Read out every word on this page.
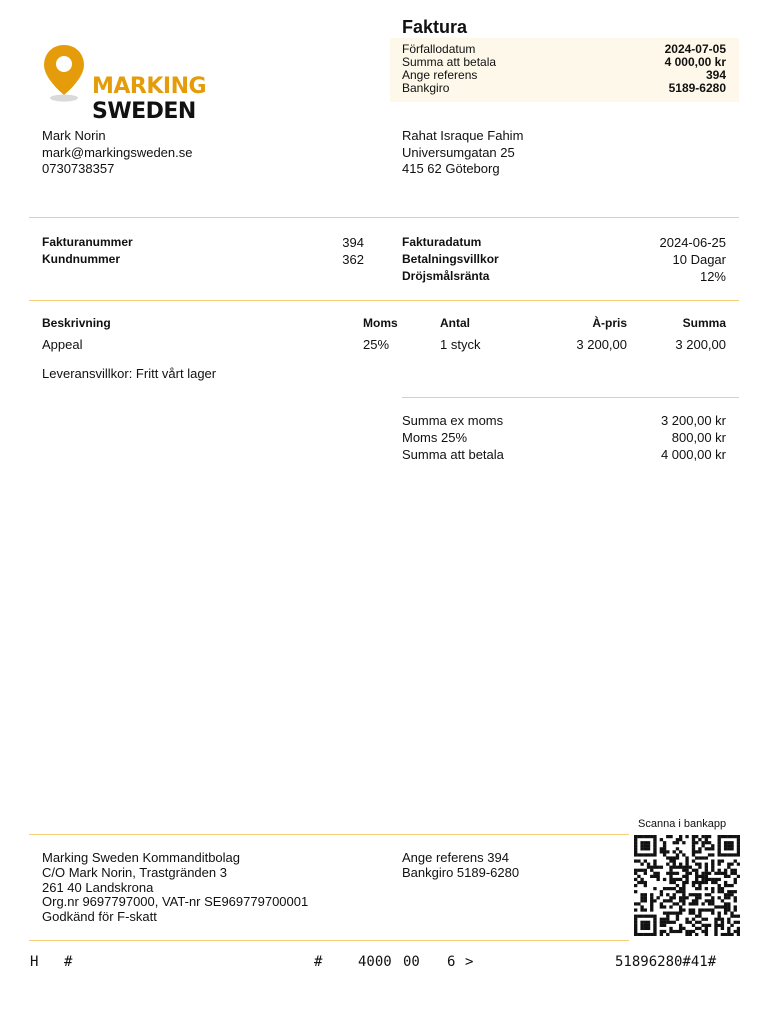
MARKING SWEDEN
Faktura
Förfallodatum	2024-07-05
Summa att betala	4 000,00 kr
Ange referens	394
Bankgiro	5189-6280
Mark Norin
mark@markingsweden.se
0730738357
Rahat Israque Fahim
Universumgatan 25
415 62 Göteborg
Fakturanummer	394
Kundnummer	362
Fakturadatum	2024-06-25
Betalningsvillkor	10 Dagar
Dröjsmålsränta	12%
Beskrivning	Moms	Antal	À-pris	Summa
Appeal	25%	1 styck	3 200,00	3 200,00
Leveransvillkor: Fritt vårt lager
Summa ex moms	3 200,00 kr
Moms 25%	800,00 kr
Summa att betala	4 000,00 kr
Scanna i bankapp
Marking Sweden Kommanditbolag
C/O Mark Norin, Trastgränden 3
261 40 Landskrona
Org.nr 9697797000, VAT-nr SE969779700001
Godkänd för F-skatt
Ange referens 394
Bankgiro 5189-6280
H #	#	4000 00 6 >	51896280#41#
